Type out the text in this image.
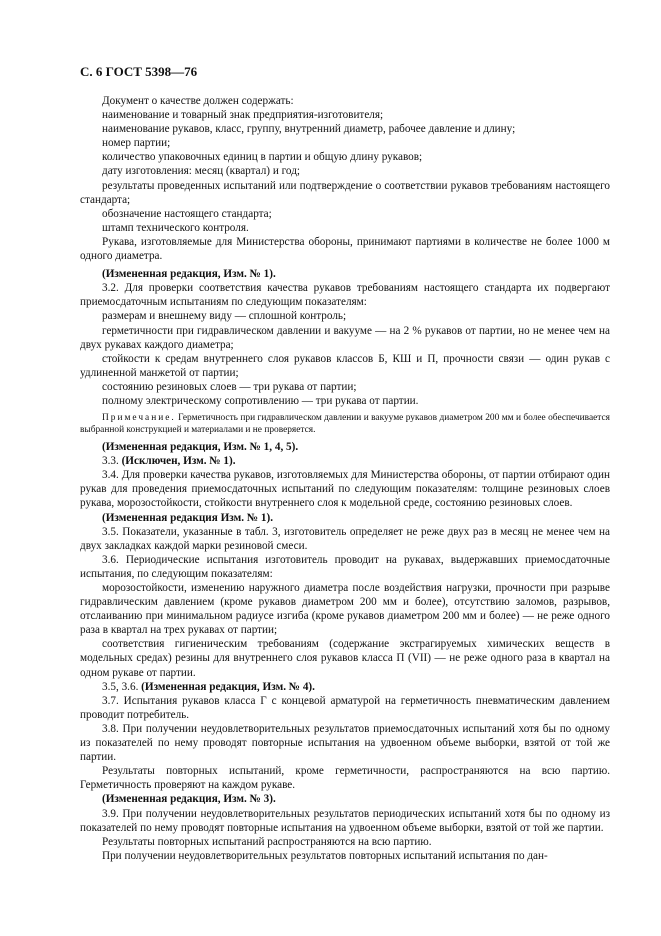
С. 6 ГОСТ 5398—76

Документ о качестве должен содержать:

наименование и товарный знак предприятия-изготовителя;

наименование рукавов, класс, группу, внутренний диаметр, рабочее давление и длину;

номер партии;

количество упаковочных единиц в партии и общую длину рукавов;

дату изготовления: месяц (квартал) и год;

результаты проведенных испытаний или подтверждение о соответствии рукавов требованиям настоящего стандарта;

обозначение настоящего стандарта;

штамп технического контроля.

Рукава, изготовляемые для Министерства обороны, принимают партиями в количестве не более 1000 м одного диаметра.

(Измененная редакция, Изм. № 1).

3.2. Для проверки соответствия качества рукавов требованиям настоящего стандарта их подвергают приемосдаточным испытаниям по следующим показателям:

размерам и внешнему виду — сплошной контроль;

герметичности при гидравлическом давлении и вакууме — на 2 % рукавов от партии, но не менее чем на двух рукавах каждого диаметра;

стойкости к средам внутреннего слоя рукавов классов Б, КШ и П, прочности связи — один рукав с удлиненной манжетой от партии;

состоянию резиновых слоев — три рукава от партии;

полному электрическому сопротивлению — три рукава от партии.

Примечание. Герметичность при гидравлическом давлении и вакууме рукавов диаметром 200 мм и более обеспечивается выбранной конструкцией и материалами и не проверяется.

(Измененная редакция, Изм. № 1, 4, 5).

3.3. (Исключен, Изм. № 1).

3.4. Для проверки качества рукавов, изготовляемых для Министерства обороны, от партии отбирают один рукав для проведения приемосдаточных испытаний по следующим показателям: толщине резиновых слоев рукава, морозостойкости, стойкости внутреннего слоя к модельной среде, состоянию резиновых слоев.

(Измененная редакция Изм. № 1).

3.5. Показатели, указанные в табл. 3, изготовитель определяет не реже двух раз в месяц не менее чем на двух закладках каждой марки резиновой смеси.

3.6. Периодические испытания изготовитель проводит на рукавах, выдержавших приемосдаточные испытания, по следующим показателям:

морозостойкости, изменению наружного диаметра после воздействия нагрузки, прочности при разрыве гидравлическим давлением (кроме рукавов диаметром 200 мм и более), отсутствию заломов, разрывов, отслаиванию при минимальном радиусе изгиба (кроме рукавов диаметром 200 мм и более) — не реже одного раза в квартал на трех рукавах от партии;

соответствия гигиеническим требованиям (содержание экстрагируемых химических веществ в модельных средах) резины для внутреннего слоя рукавов класса П (VII) — не реже одного раза в квартал на одном рукаве от партии.

3.5, 3.6. (Измененная редакция, Изм. № 4).

3.7. Испытания рукавов класса Г с концевой арматурой на герметичность пневматическим давлением проводит потребитель.

3.8. При получении неудовлетворительных результатов приемосдаточных испытаний хотя бы по одному из показателей по нему проводят повторные испытания на удвоенном объеме выборки, взятой от той же партии.

Результаты повторных испытаний, кроме герметичности, распространяются на всю партию. Герметичность проверяют на каждом рукаве.

(Измененная редакция, Изм. № 3).

3.9. При получении неудовлетворительных результатов периодических испытаний хотя бы по одному из показателей по нему проводят повторные испытания на удвоенном объеме выборки, взятой от той же партии.

Результаты повторных испытаний распространяются на всю партию.

При получении неудовлетворительных результатов повторных испытаний испытания по дан-
